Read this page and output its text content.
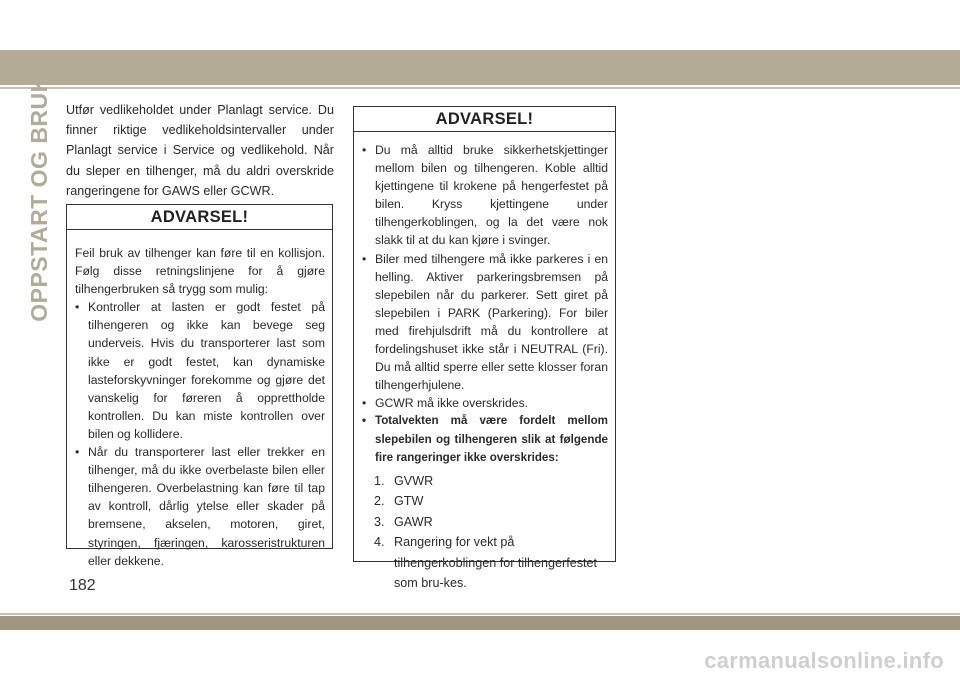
OPPSTART OG BRUK Utfør vedlikeholdet under Planlagt service. Du finner riktige vedlikeholdsintervaller under Planlagt service i Service og vedlikehold. Når du sleper en tilhenger, må du aldri overskride rangeringene for GAWS eller GCWR.

ADVARSEL!

Feil bruk av tilhenger kan føre til en kollisjon. Følg disse retningslinjene for å gjøre tilhengerbruken så trygg som mulig:

• Kontroller at lasten er godt festet på tilhengeren og ikke kan bevege seg underveis. Hvis du transporterer last som ikke er godt festet, kan dynamiske lasteforskyvninger forekomme og gjøre det vanskelig for føreren å opprettholde kontrollen. Du kan miste kontrollen over bilen og kollidere.
• Når du transporterer last eller trekker en tilhenger, må du ikke overbelaste bilen eller tilhengeren. Overbelastning kan føre til tap av kontroll, dårlig ytelse eller skader på bremsene, akselen, motoren, giret, styringen, fjæringen, karosseristrukturen eller dekkene.
ADVARSEL!
• Du må alltid bruke sikkerhetskjettinger mellom bilen og tilhengeren. Koble alltid kjettingene til krokene på hengerfestet på bilen. Kryss kjettingene under tilhengerkoblingen, og la det være nok slakk til at du kan kjøre i svinger.
• Biler med tilhengere må ikke parkeres i en helling. Aktiver parkeringsbremsen på slepebilen når du parkerer. Sett giret på slepebilen i PARK (Parkering). For biler med firehjulsdrift må du kontrollere at fordelingshuset ikke står i NEUTRAL (Fri). Du må alltid sperre eller sette klosser foran tilhengerhjulene.
• GCWR må ikke overskrides.
• Totalvekten må være fordelt mellom slepebilen og tilhengeren slik at følgende fire rangeringer ikke overskrides:
1. GVWR
2. GTW
3. GAWR
4. Rangering for vekt på tilhengerkoblingen for tilhengerfestet som bru-kes.
182
carmanualsonline.info
